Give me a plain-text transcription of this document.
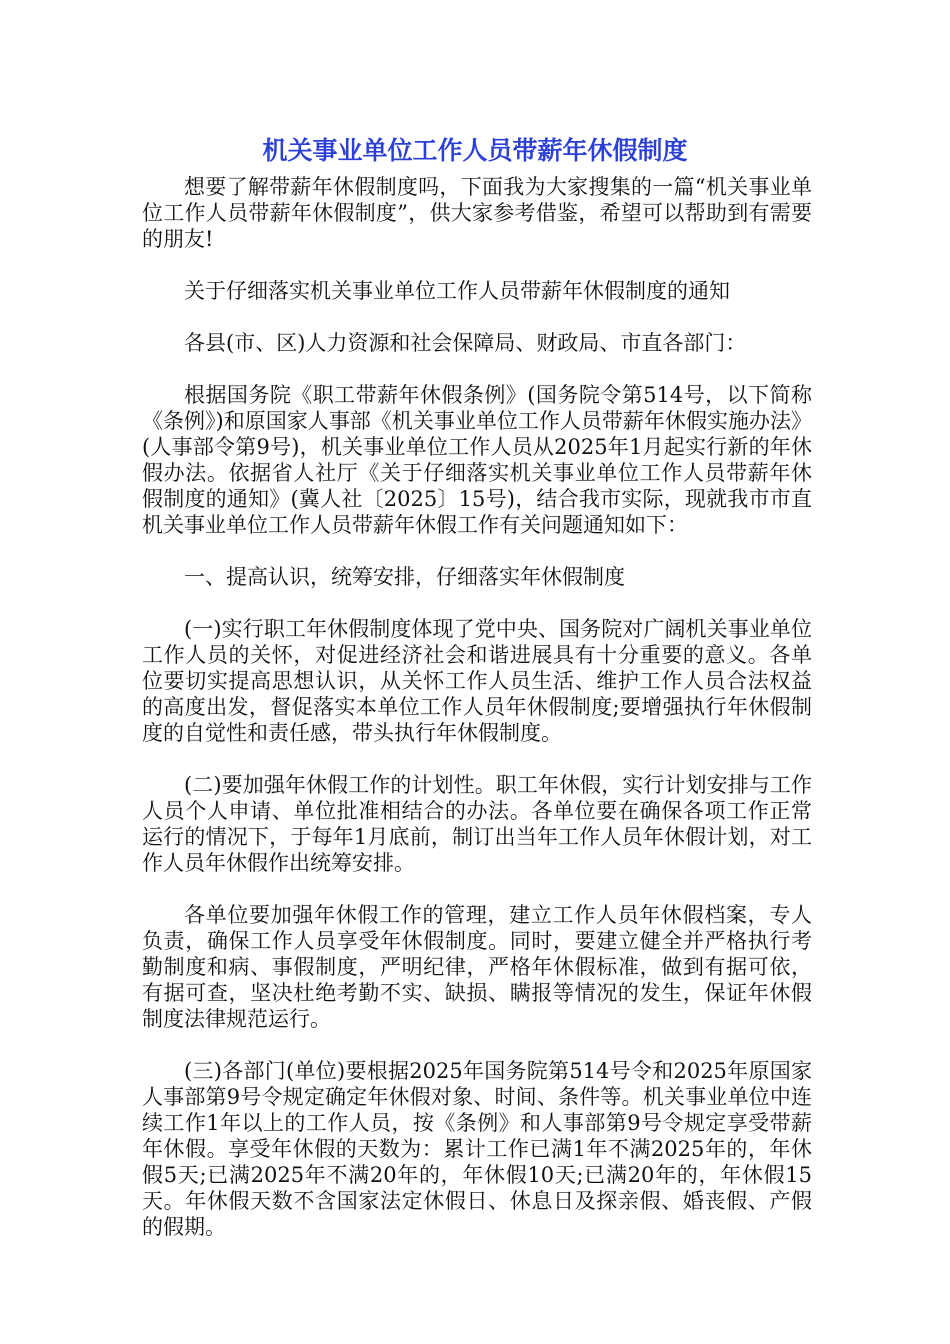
机关事业单位工作人员带薪年休假制度

想要了解带薪年休假制度吗，下面我为大家搜集的一篇“机关事业单位工作人员带薪年休假制度”，供大家参考借鉴，希望可以帮助到有需要的朋友!

关于仔细落实机关事业单位工作人员带薪年休假制度的通知

各县(市、区)人力资源和社会保障局、财政局、市直各部门：

根据国务院《职工带薪年休假条例》(国务院令第514号，以下简称《条例》)和原国家人事部《机关事业单位工作人员带薪年休假实施办法》(人事部令第9号)，机关事业单位工作人员从2025年1月起实行新的年休假办法。依据省人社厅《关于仔细落实机关事业单位工作人员带薪年休假制度的通知》(冀人社〔2025〕15号)，结合我市实际，现就我市市直机关事业单位工作人员带薪年休假工作有关问题通知如下：

一、提高认识，统筹安排，仔细落实年休假制度

(一)实行职工年休假制度体现了党中央、国务院对广阔机关事业单位工作人员的关怀，对促进经济社会和谐进展具有十分重要的意义。各单位要切实提高思想认识，从关怀工作人员生活、维护工作人员合法权益的高度出发，督促落实本单位工作人员年休假制度;要增强执行年休假制度的自觉性和责任感，带头执行年休假制度。

(二)要加强年休假工作的计划性。职工年休假，实行计划安排与工作人员个人申请、单位批准相结合的办法。各单位要在确保各项工作正常运行的情况下，于每年1月底前，制订出当年工作人员年休假计划，对工作人员年休假作出统筹安排。

各单位要加强年休假工作的管理，建立工作人员年休假档案，专人负责，确保工作人员享受年休假制度。同时，要建立健全并严格执行考勤制度和病、事假制度，严明纪律，严格年休假标准，做到有据可依，有据可查，坚决杜绝考勤不实、缺损、瞒报等情况的发生，保证年休假制度法律规范运行。

(三)各部门(单位)要根据2025年国务院第514号令和2025年原国家人事部第9号令规定确定年休假对象、时间、条件等。机关事业单位中连续工作1年以上的工作人员，按《条例》和人事部第9号令规定享受带薪年休假。享受年休假的天数为：累计工作已满1年不满2025年的，年休假5天;已满2025年不满20年的，年休假10天;已满20年的，年休假15天。年休假天数不含国家法定休假日、休息日及探亲假、婚丧假、产假的假期。
